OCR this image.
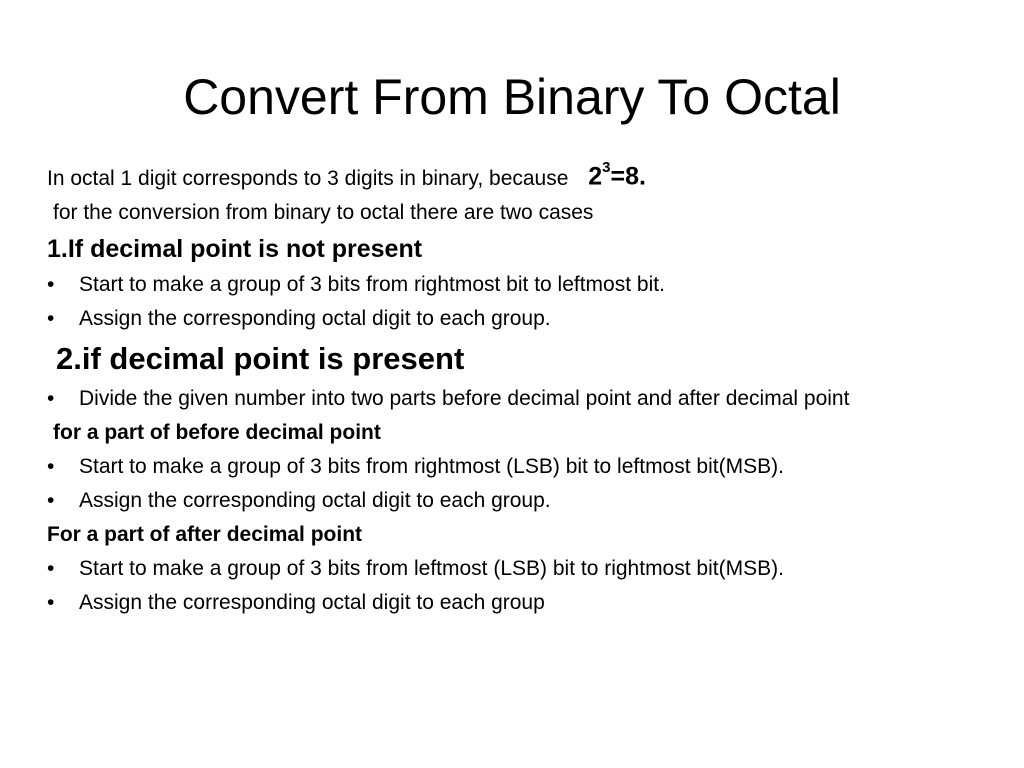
Convert From Binary To Octal
In octal 1 digit corresponds to 3 digits in binary, because $2^3=8$.
for the conversion from binary to octal there are two cases
1.If decimal point is not present
•	Start to make a group of 3 bits from rightmost bit to leftmost bit.
•	Assign the corresponding octal digit to each group.
2.if decimal point is present
•	Divide the given number into two parts before decimal point and after decimal point
for a part of before decimal point
•	Start to make a group of 3 bits from rightmost (LSB) bit to leftmost bit(MSB).
•	Assign the corresponding octal digit to each group.
For a part of after decimal point
•	Start to make a group of 3 bits from leftmost (LSB) bit to rightmost bit(MSB).
•	Assign the corresponding octal digit to each group
